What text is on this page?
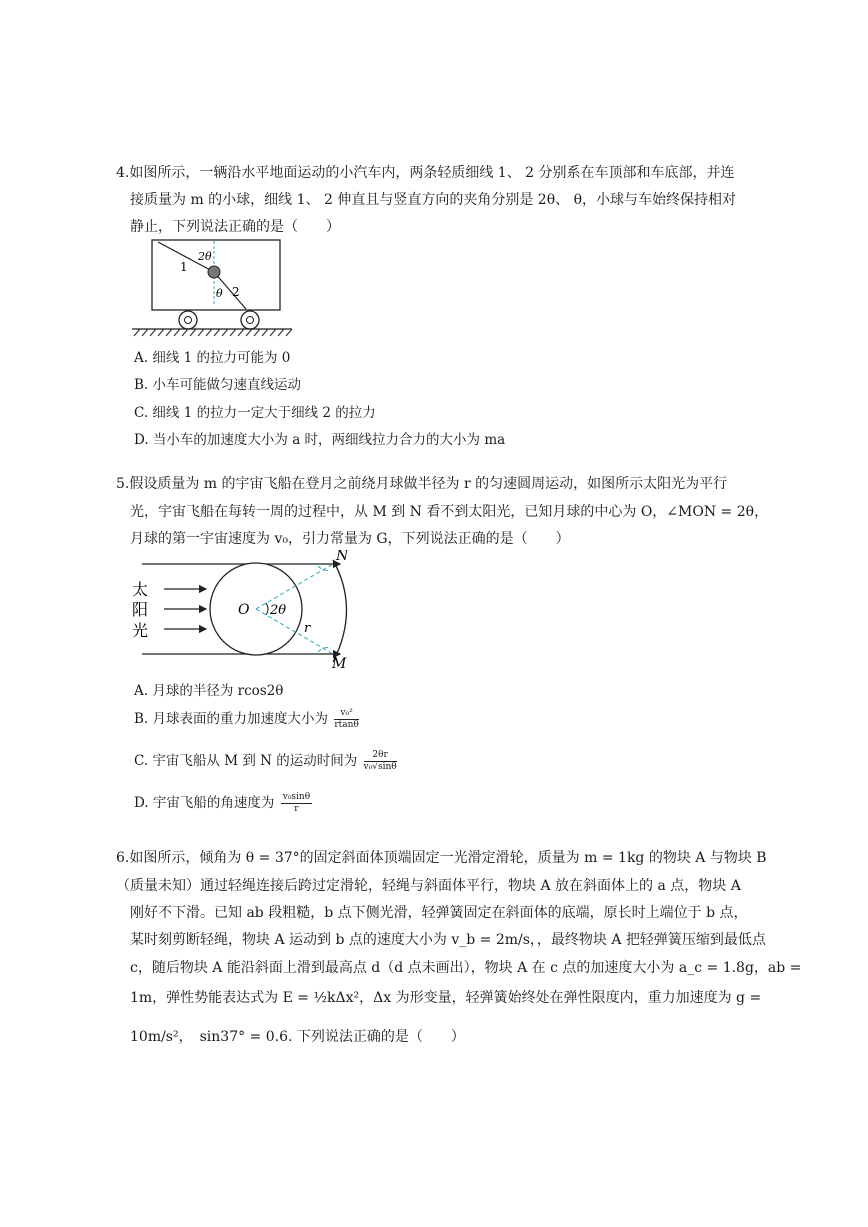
4.如图所示，一辆沿水平地面运动的小汽车内，两条轻质细线 1、 2 分别系在车顶部和车底部，并连
接质量为 m 的小球，细线 1、 2 伸直且与竖直方向的夹角分别是 2θ、 θ，小球与车始终保持相对
静止，下列说法正确的是（　　）
1
2
2θ
θ
A. 细线 1 的拉力可能为 0
B. 小车可能做匀速直线运动
C. 细线 1 的拉力一定大于细线 2 的拉力
D. 当小车的加速度大小为 a 时，两细线拉力合力的大小为 ma
5.假设质量为 m 的宇宙飞船在登月之前绕月球做半径为 r 的匀速圆周运动，如图所示太阳光为平行
光，宇宙飞船在每转一周的过程中，从 M 到 N 看不到太阳光，已知月球的中心为 O，∠MON = 2θ，
月球的第一宇宙速度为 v₀，引力常量为 G，下列说法正确的是（　　）
太
阳
光
O 2θ
r
N
M
A. 月球的半径为 rcos2θ
B. 月球表面的重力加速度大小为 $\frac{\text{v₀²}}{rtan\theta}$
C. 宇宙飞船从 M 到 N 的运动时间为 $\frac{2\theta r}{\text{v₀√sinθ}}$
D. 宇宙飞船的角速度为 $\frac{\text{v₀sinθ}}{r}$
6.如图所示，倾角为 θ = 37°的固定斜面体顶端固定一光滑定滑轮，质量为 m = 1kg 的物块 A 与物块 B
（质量未知）通过轻绳连接后跨过定滑轮，轻绳与斜面体平行，物块 A 放在斜面体上的 a 点，物块 A
刚好不下滑。已知 ab 段粗糙，b 点下侧光滑，轻弹簧固定在斜面体的底端，原长时上端位于 b 点，
某时刻剪断轻绳，物块 A 运动到 b 点的速度大小为 v_b = 2m/s，，最终物块 A 把轻弹簧压缩到最低点
c，随后物块 A 能沿斜面上滑到最高点 d（d 点未画出），物块 A 在 c 点的加速度大小为 a_c = 1.8g，ab =
1m，弹性势能表达式为 E = ½kΔx²，Δx 为形变量，轻弹簧始终处在弹性限度内，重力加速度为 g =
10m/s²，　sin37° = 0.6. 下列说法正确的是（　　）
